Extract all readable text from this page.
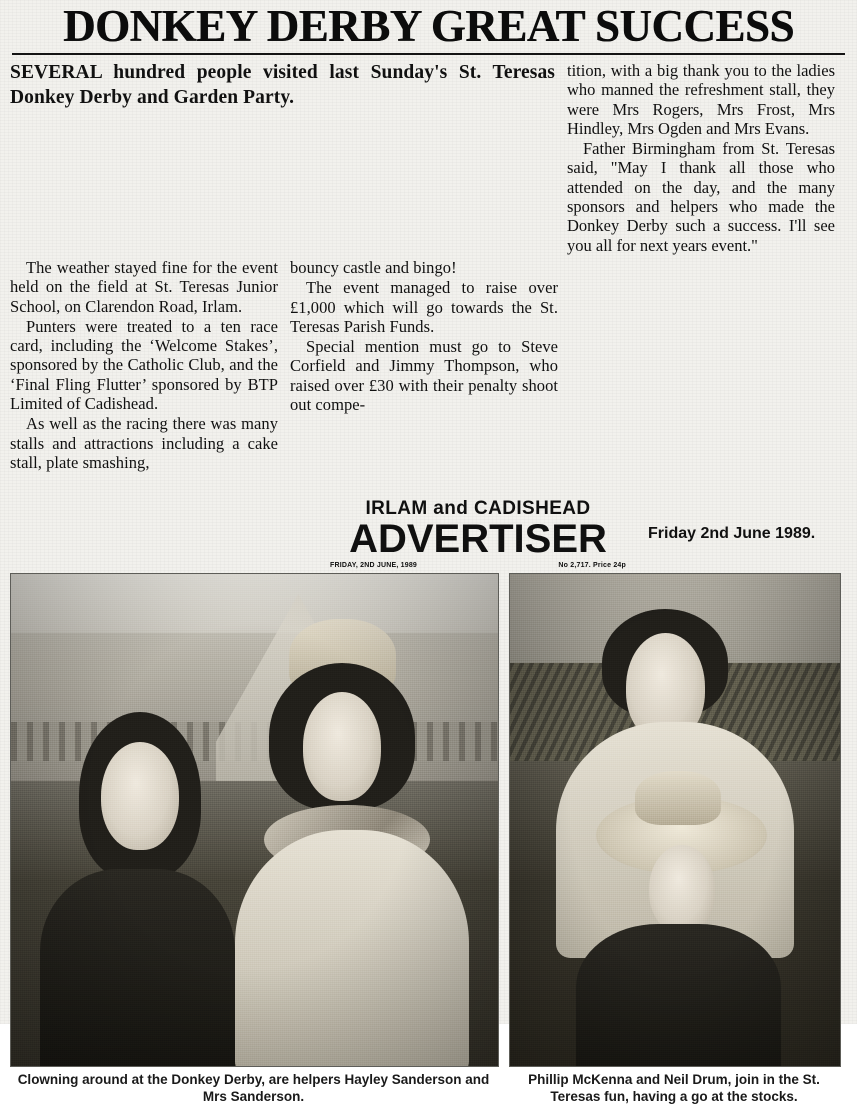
DONKEY DERBY GREAT SUCCESS
SEVERAL hundred people visited last Sunday's St. Teresas Donkey Derby and Garden Party.

tition, with a big thank you to the ladies who manned the refreshment stall, they were Mrs Rogers, Mrs Frost, Mrs Hindley, Mrs Ogden and Mrs Evans.

Father Birmingham from St. Teresas said, "May I thank all those who attended on the day, and the many sponsors and helpers who made the Donkey Derby such a success. I'll see you all for next years event."

The weather stayed fine for the event held on the field at St. Teresas Junior School, on Clarendon Road, Irlam.

Punters were treated to a ten race card, including the ‘Welcome Stakes’, sponsored by the Catholic Club, and the ‘Final Fling Flutter’ sponsored by BTP Limited of Cadishead.

As well as the racing there was many stalls and attractions including a cake stall, plate smashing,

bouncy castle and bingo!

The event managed to raise over £1,000 which will go towards the St. Teresas Parish Funds.

Special mention must go to Steve Corfield and Jimmy Thompson, who raised over £30 with their penalty shoot out compe-

IRLAM and CADISHEAD
ADVERTISER
FRIDAY, 2ND JUNE, 1989	No 2,717. Price 24p
Friday 2nd June 1989.
Clowning around at the Donkey Derby, are helpers Hayley Sanderson and Mrs Sanderson.
Phillip McKenna and Neil Drum, join in the St. Teresas fun, having a go at the stocks.
